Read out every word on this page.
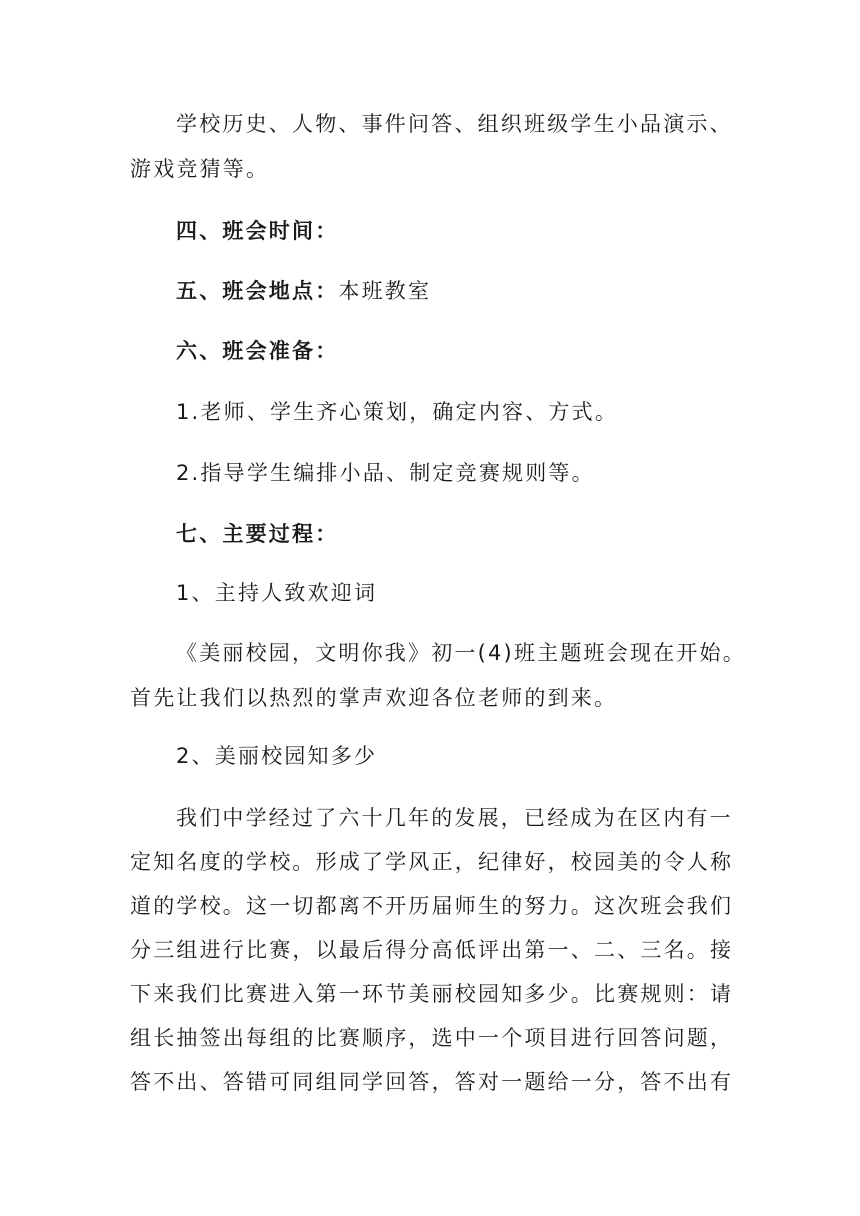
学校历史、人物、事件问答、组织班级学生小品演示、
游戏竞猜等。
四、班会时间：
五、班会地点：本班教室
六、班会准备：
1.老师、学生齐心策划，确定内容、方式。
2.指导学生编排小品、制定竞赛规则等。
七、主要过程：
1、主持人致欢迎词
《美丽校园，文明你我》初一(4)班主题班会现在开始。
首先让我们以热烈的掌声欢迎各位老师的到来。
2、美丽校园知多少
我们中学经过了六十几年的发展，已经成为在区内有一
定知名度的学校。形成了学风正，纪律好，校园美的令人称
道的学校。这一切都离不开历届师生的努力。这次班会我们
分三组进行比赛，以最后得分高低评出第一、二、三名。接
下来我们比赛进入第一环节美丽校园知多少。比赛规则：请
组长抽签出每组的比赛顺序，选中一个项目进行回答问题，
答不出、答错可同组同学回答，答对一题给一分，答不出有
